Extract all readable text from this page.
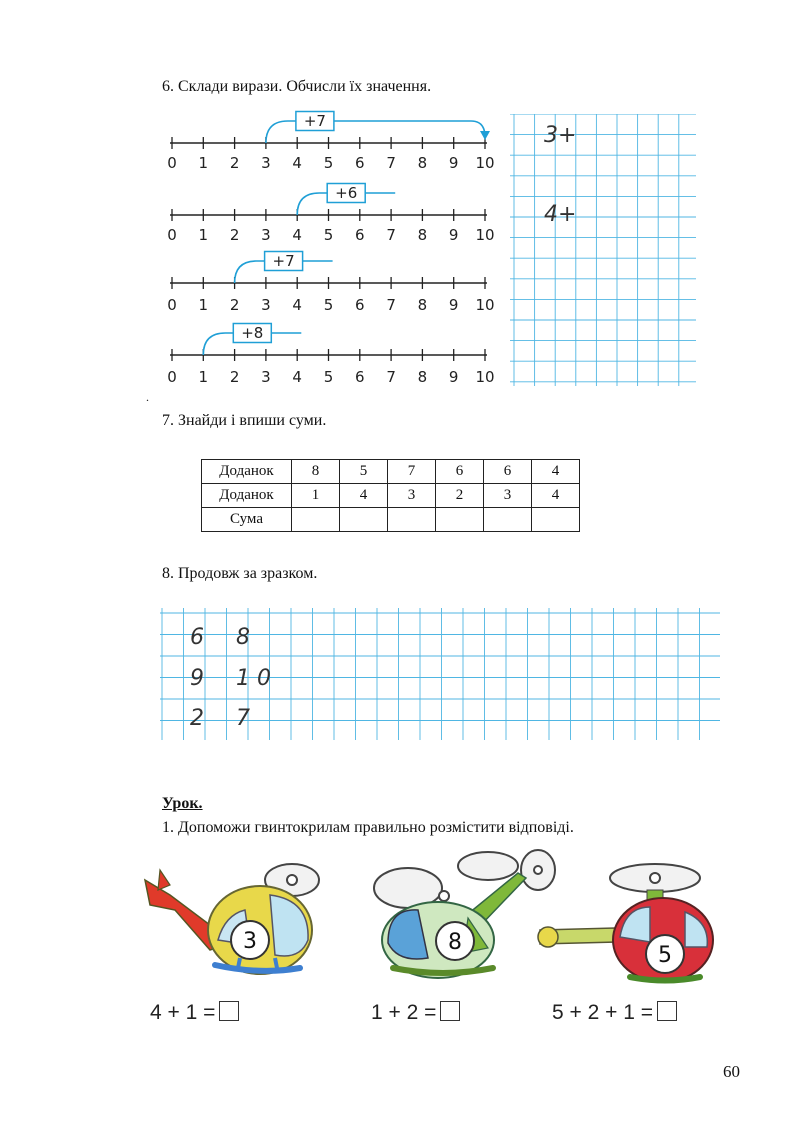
6. Склади вирази. Обчисли їх значення.
0 1 2 3 4 5 6 7 8 9 10
+7
0 1 2 3 4 5 6 7 8 9 10
+6
0 1 2 3 4 5 6 7 8 9 10
+7
0 1 2 3 4 5 6 7 8 9 10
+8
3+
4+
.
7. Знайди і впиши суми.
Доданок	8	5	7	6	6	4
Доданок	1	4	3	2	3	4
Сума						
8. Продовж за зразком.
6 8
9 1 0
2 7
Урок.
1. Допоможи гвинтокрилам правильно розмістити відповіді.
3	8
5
4 + 1 =	1 + 2 =	5 + 2 + 1 =
60
